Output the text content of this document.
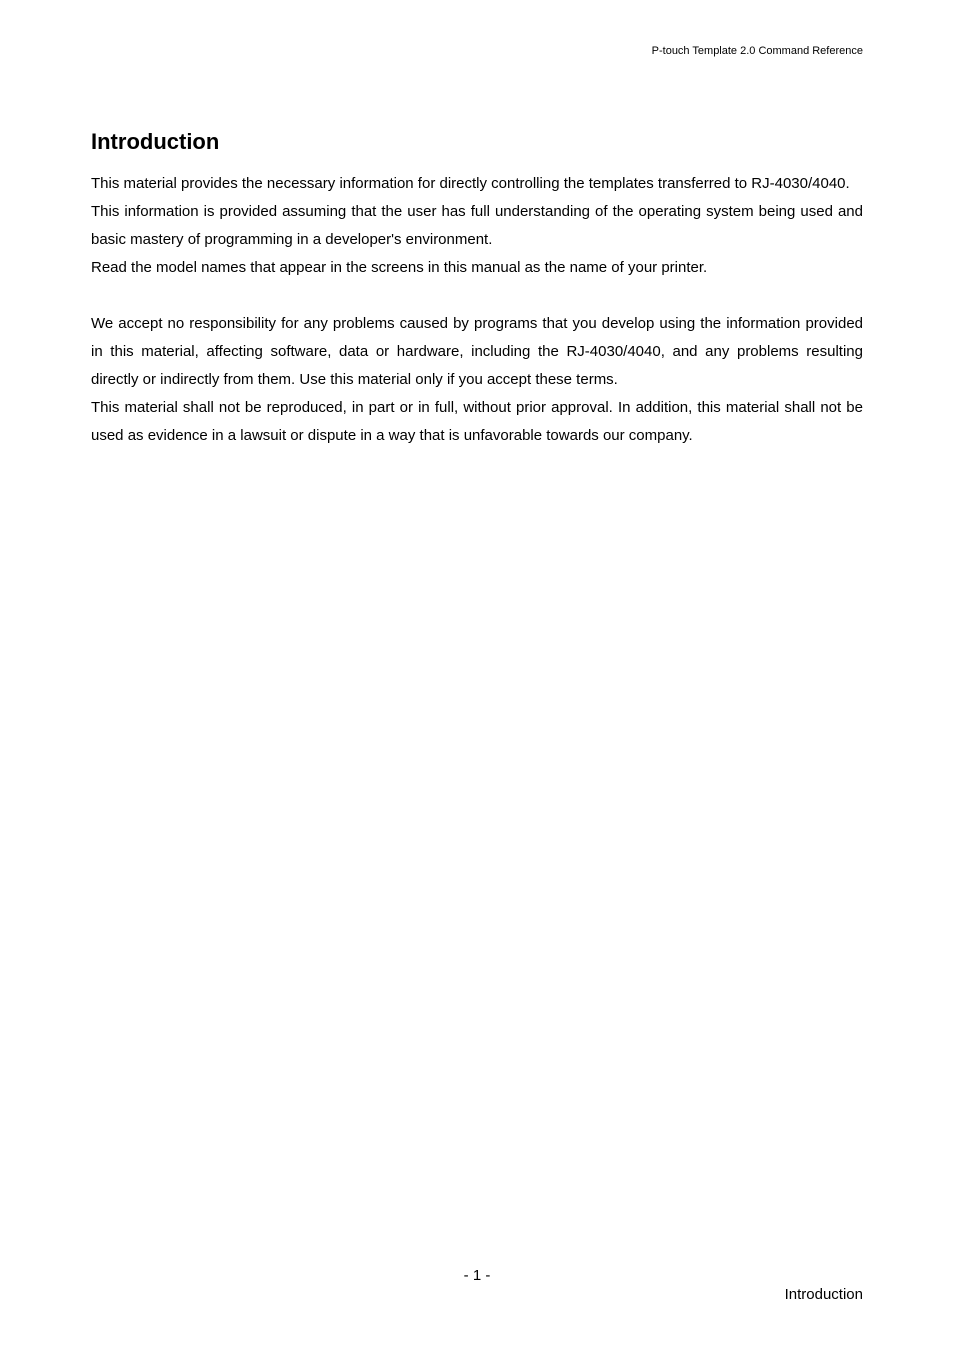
P-touch Template 2.0 Command Reference
Introduction

This material provides the necessary information for directly controlling the templates transferred to RJ-4030/4040.

This information is provided assuming that the user has full understanding of the operating system being used and basic mastery of programming in a developer's environment.

Read the model names that appear in the screens in this manual as the name of your printer.

We accept no responsibility for any problems caused by programs that you develop using the information provided in this material, affecting software, data or hardware, including the RJ-4030/4040, and any problems resulting directly or indirectly from them. Use this material only if you accept these terms.

This material shall not be reproduced, in part or in full, without prior approval. In addition, this material shall not be used as evidence in a lawsuit or dispute in a way that is unfavorable towards our company.

- 1 -
Introduction
